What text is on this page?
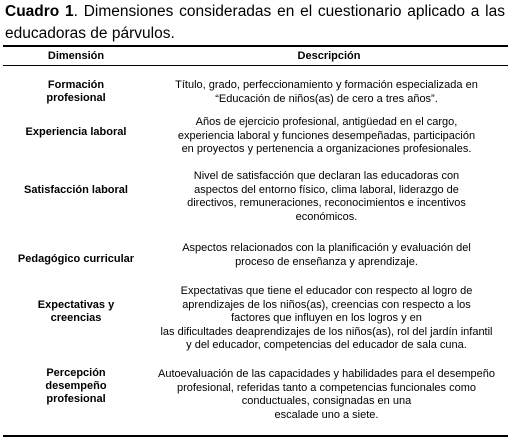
Cuadro 1. Dimensiones consideradas en el cuestionario aplicado a las educadoras de párvulos.
Dimensión	Descripción
Formación
profesional
Título, grado, perfeccionamiento y formación especializada en
“Educación de niños(as) de cero a tres años”.
Experiencia laboral
Años de ejercicio profesional, antigüedad en el cargo,
experiencia laboral y funciones desempeñadas, participación
en proyectos y pertenencia a organizaciones profesionales.
Satisfacción laboral
Nivel de satisfacción que declaran las educadoras con
aspectos del entorno físico, clima laboral, liderazgo de
directivos, remuneraciones, reconocimientos e incentivos
económicos.
Pedagógico curricular
Aspectos relacionados con la planificación y evaluación del
proceso de enseñanza y aprendizaje.
Expectativas y
creencias
Expectativas que tiene el educador con respecto al logro de
aprendizajes de los niños(as), creencias con respecto a los
factores que influyen en los logros y en
las dificultades deaprendizajes de los niños(as), rol del jardín infantil
y del educador, competencias del educador de sala cuna.
Percepción
desempeño
profesional
Autoevaluación de las capacidades y habilidades para el desempeño
profesional, referidas tanto a competencias funcionales como
conductuales, consignadas en una
escalade uno a siete.
